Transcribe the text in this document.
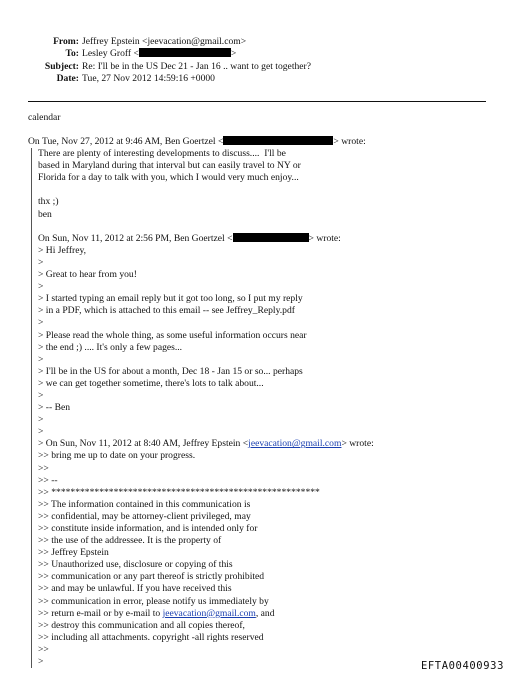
From: Jeffrey Epstein <jeevacation@gmail.com>
To: Lesley Groff <	>
Subject: Re: I'll be in the US Dec 21 - Jan 16 .. want to get together?
Date: Tue, 27 Nov 2012 14:59:16 +0000
calendar
On Tue, Nov 27, 2012 at 9:46 AM, Ben Goertzel <	> wrote:
There are plenty of interesting developments to discuss....  I'll be
based in Maryland during that interval but can easily travel to NY or
Florida for a day to talk with you, which I would very much enjoy...
thx ;)
ben
On Sun, Nov 11, 2012 at 2:56 PM, Ben Goertzel <	> wrote:
> Hi Jeffrey,
>
> Great to hear from you!
>
> I started typing an email reply but it got too long, so I put my reply
> in a PDF, which is attached to this email -- see Jeffrey_Reply.pdf
>
> Please read the whole thing, as some useful information occurs near
> the end ;) .... It's only a few pages...
>
> I'll be in the US for about a month, Dec 18 - Jan 15 or so... perhaps
> we can get together sometime, there's lots to talk about...
>
> -- Ben
>
>
> On Sun, Nov 11, 2012 at 8:40 AM, Jeffrey Epstein <jeevacation@gmail.com> wrote:
>> bring me up to date on your progress.
>>
>> --
>> ********************************************************
>> The information contained in this communication is
>> confidential, may be attorney-client privileged, may
>> constitute inside information, and is intended only for
>> the use of the addressee. It is the property of
>> Jeffrey Epstein
>> Unauthorized use, disclosure or copying of this
>> communication or any part thereof is strictly prohibited
>> and may be unlawful. If you have received this
>> communication in error, please notify us immediately by
>> return e-mail or by e-mail to jeevacation@gmail.com, and
>> destroy this communication and all copies thereof,
>> including all attachments. copyright -all rights reserved
>>
>	EFTA00400933
